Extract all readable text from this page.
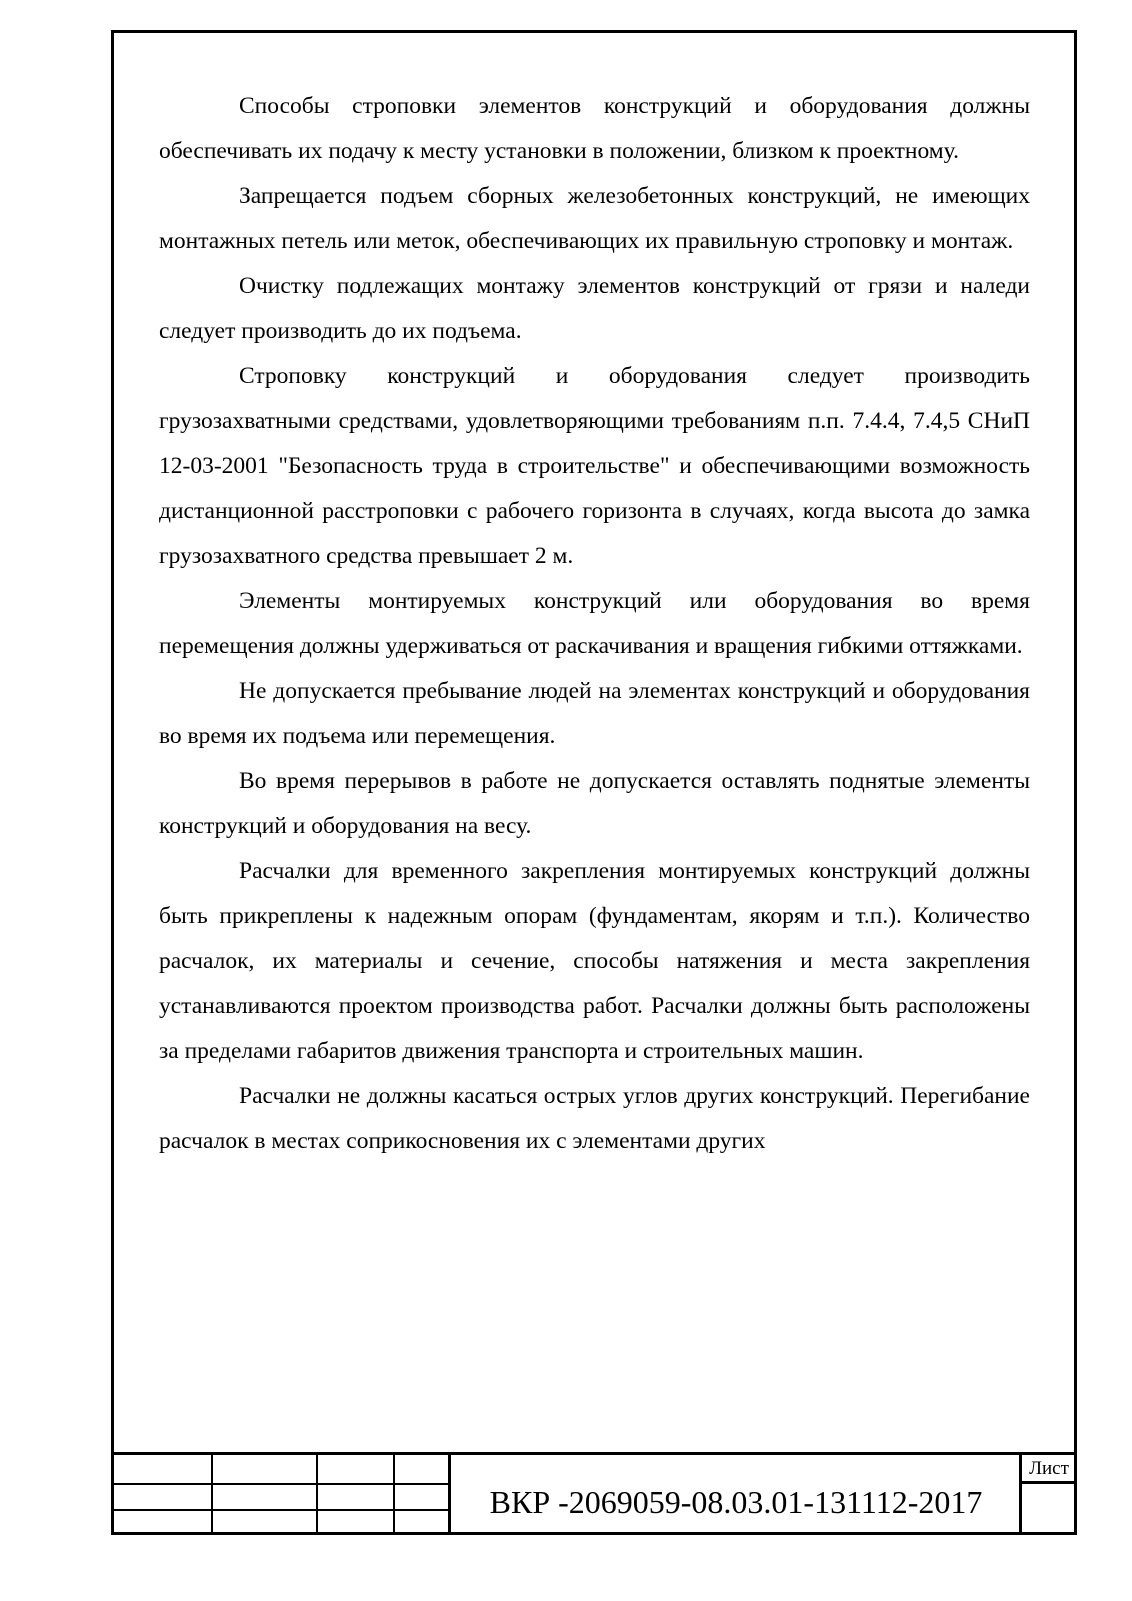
Способы строповки элементов конструкций и оборудования должны обеспечивать их подачу к месту установки в положении, близком к проектному.

Запрещается подъем сборных железобетонных конструкций, не имеющих монтажных петель или меток, обеспечивающих их правильную строповку и монтаж.

Очистку подлежащих монтажу элементов конструкций от грязи и наледи следует производить до их подъема.

Строповку конструкций и оборудования следует производить грузозахватными средствами, удовлетворяющими требованиям п.п. 7.4.4, 7.4,5 СНиП 12-03-2001 "Безопасность труда в строительстве" и обеспечивающими возможность дистанционной расстроповки с рабочего горизонта в случаях, когда высота до замка грузозахватного средства превышает 2 м.

Элементы монтируемых конструкций или оборудования во время перемещения должны удерживаться от раскачивания и вращения гибкими оттяжками.

Не допускается пребывание людей на элементах конструкций и оборудования во время их подъема или перемещения.

Во время перерывов в работе не допускается оставлять поднятые элементы конструкций и оборудования на весу.

Расчалки для временного закрепления монтируемых конструкций должны быть прикреплены к надежным опорам (фундаментам, якорям и т.п.). Количество расчалок, их материалы и сечение, способы натяжения и места закрепления устанавливаются проектом производства работ. Расчалки должны быть расположены за пределами габаритов движения транспорта и строительных машин.

Расчалки не должны касаться острых углов других конструкций. Перегибание расчалок в местах соприкосновения их с элементами других

ВКР -2069059-08.03.01-131112-2017
Лист
